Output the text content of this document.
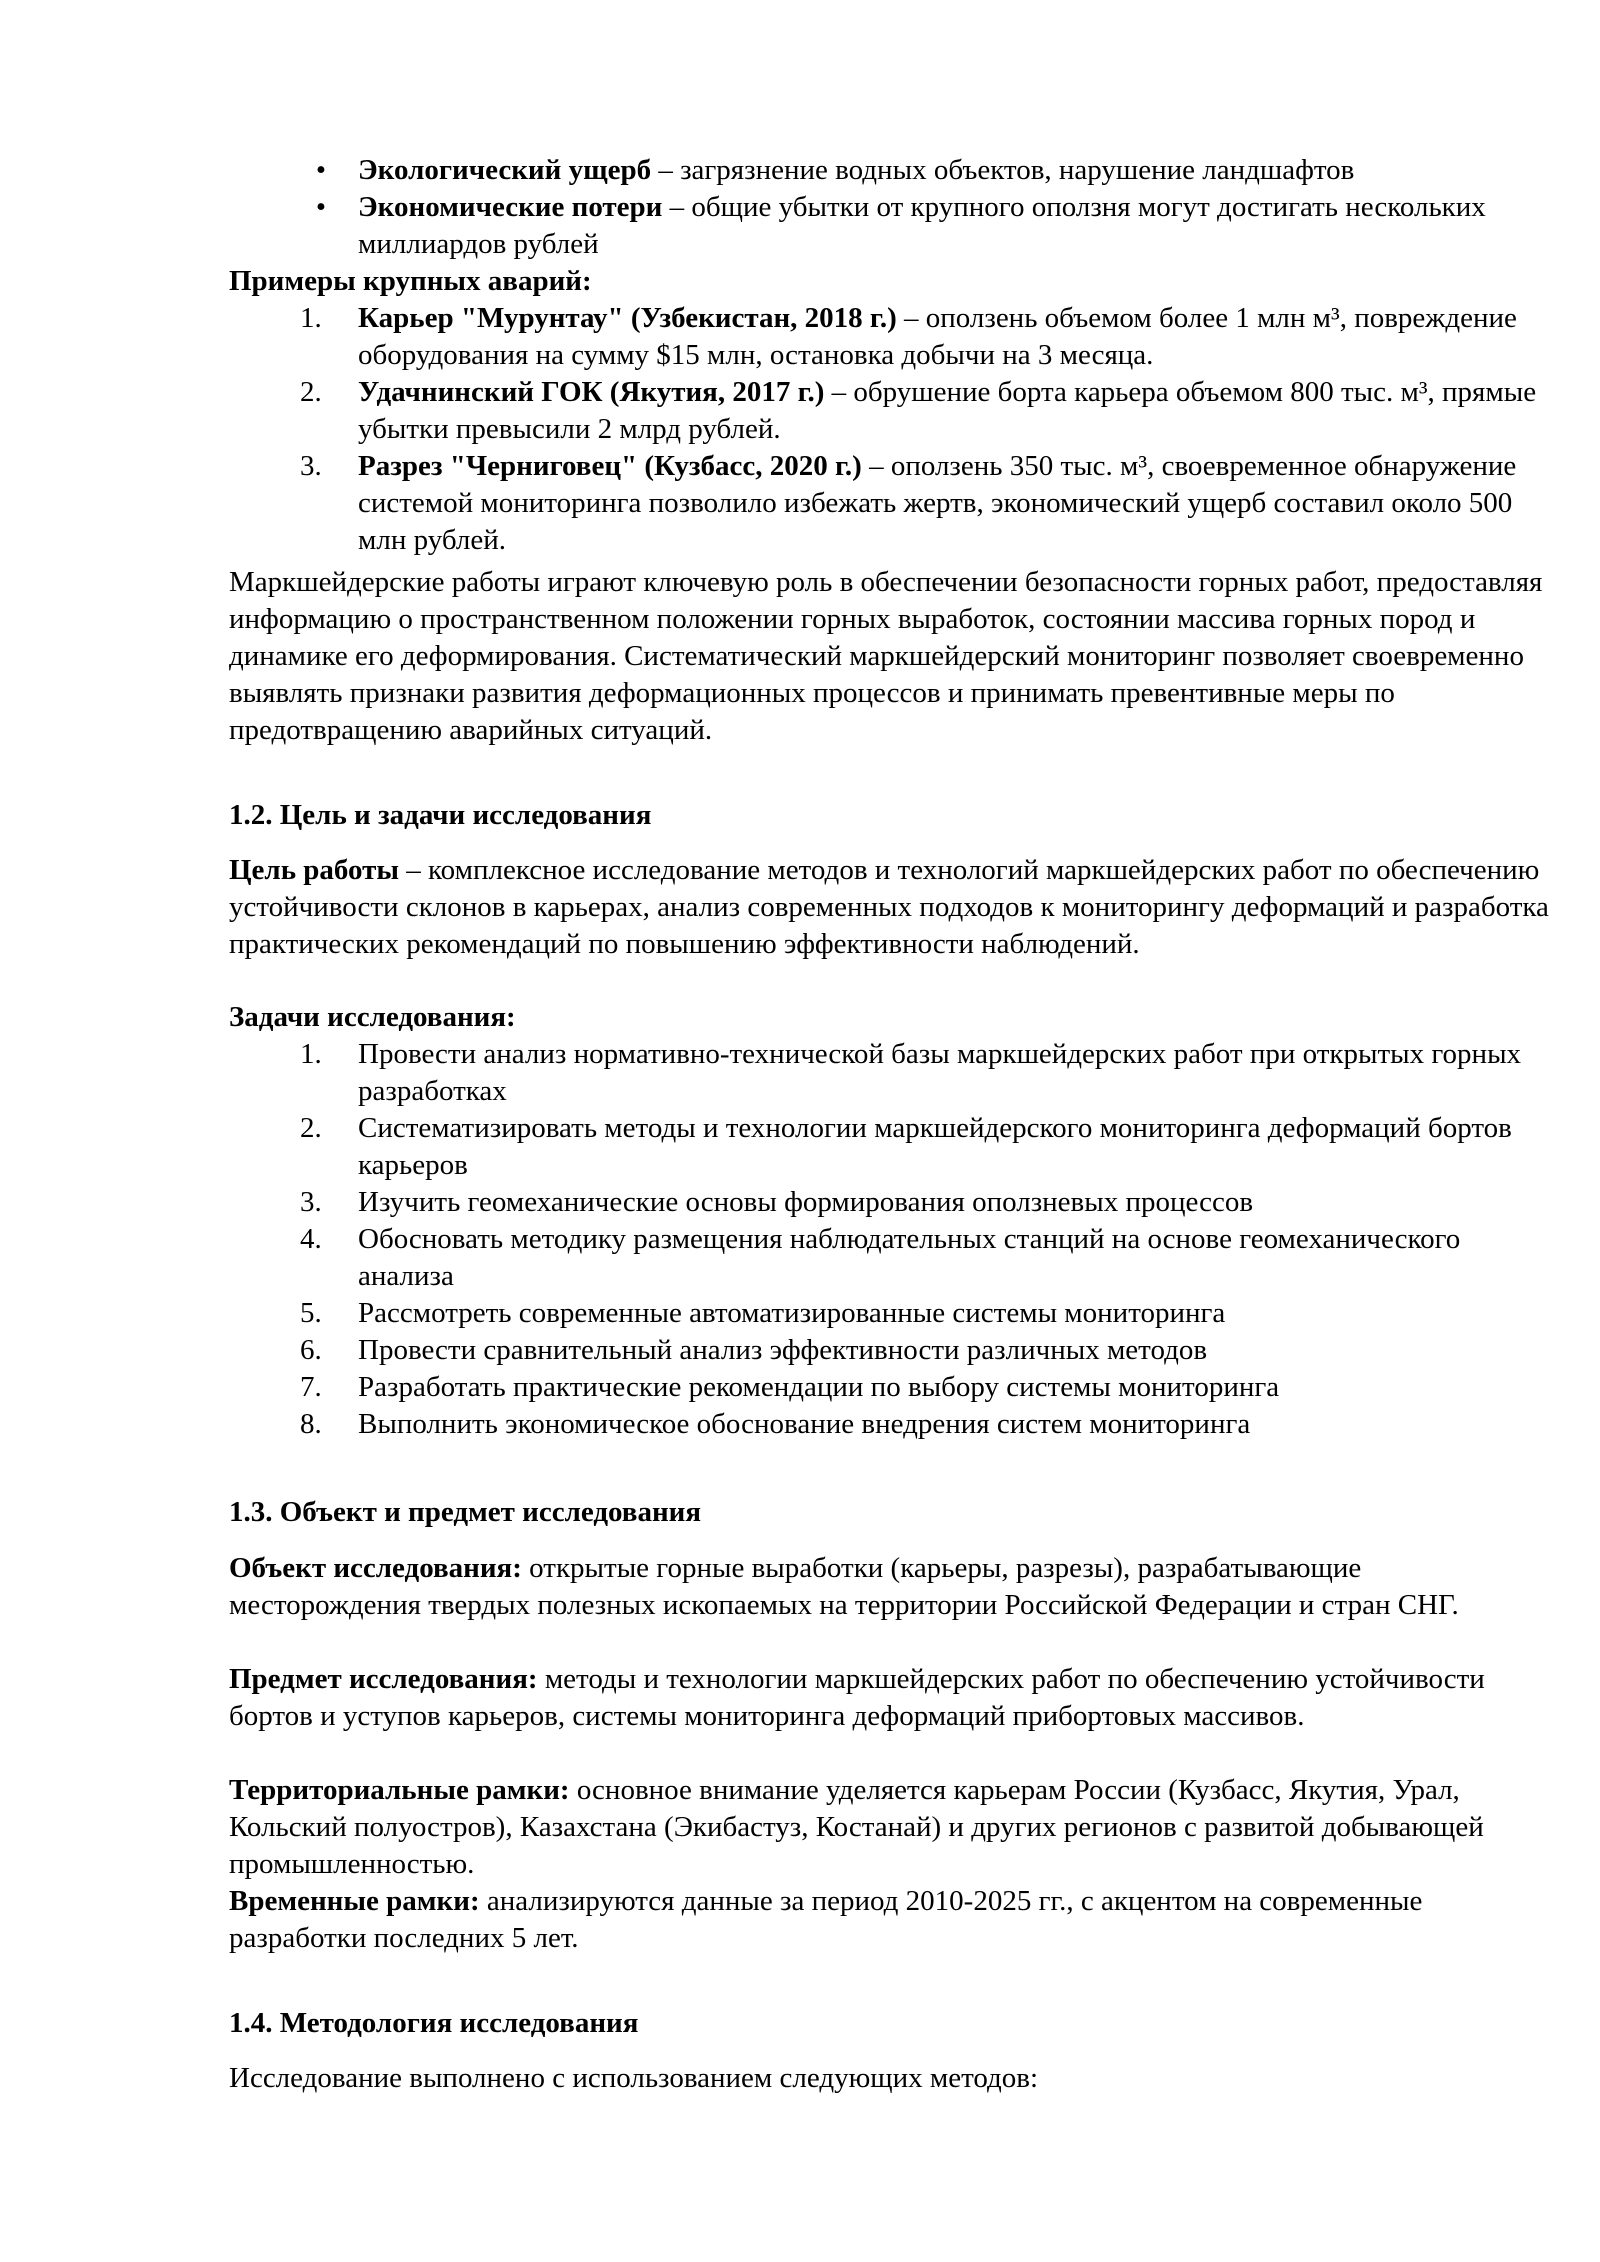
• Экологический ущерб – загрязнение водных объектов, нарушение ландшафтов
• Экономические потери – общие убытки от крупного оползня могут достигать нескольких миллиардов рублей

Примеры крупных аварий:

1.	Карьер "Мурунтау" (Узбекистан, 2018 г.) – оползень объемом более 1 млн м³, повреждение оборудования на сумму $15 млн, остановка добычи на 3 месяца.
2.	Удачнинский ГОК (Якутия, 2017 г.) – обрушение борта карьера объемом 800 тыс. м³, прямые убытки превысили 2 млрд рублей.
3.	Разрез "Черниговец" (Кузбасс, 2020 г.) – оползень 350 тыс. м³, своевременное обнаружение системой мониторинга позволило избежать жертв, экономический ущерб составил около 500 млн рублей.

Маркшейдерские работы играют ключевую роль в обеспечении безопасности горных работ, предоставляя информацию о пространственном положении горных выработок, состоянии массива горных пород и динамике его деформирования. Систематический маркшейдерский мониторинг позволяет своевременно выявлять признаки развития деформационных процессов и принимать превентивные меры по предотвращению аварийных ситуаций.

1.2. Цель и задачи исследования

Цель работы – комплексное исследование методов и технологий маркшейдерских работ по обеспечению устойчивости склонов в карьерах, анализ современных подходов к мониторингу деформаций и разработка практических рекомендаций по повышению эффективности наблюдений.

Задачи исследования:

1.	Провести анализ нормативно-технической базы маркшейдерских работ при открытых горных разработках
2.	Систематизировать методы и технологии маркшейдерского мониторинга деформаций бортов карьеров
3.	Изучить геомеханические основы формирования оползневых процессов
4.	Обосновать методику размещения наблюдательных станций на основе геомеханического анализа
5.	Рассмотреть современные автоматизированные системы мониторинга
6.	Провести сравнительный анализ эффективности различных методов
7.	Разработать практические рекомендации по выбору системы мониторинга
8.	Выполнить экономическое обоснование внедрения систем мониторинга

1.3. Объект и предмет исследования

Объект исследования: открытые горные выработки (карьеры, разрезы), разрабатывающие месторождения твердых полезных ископаемых на территории Российской Федерации и стран СНГ.

Предмет исследования: методы и технологии маркшейдерских работ по обеспечению устойчивости бортов и уступов карьеров, системы мониторинга деформаций прибортовых массивов.

Территориальные рамки: основное внимание уделяется карьерам России (Кузбасс, Якутия, Урал, Кольский полуостров), Казахстана (Экибастуз, Костанай) и других регионов с развитой добывающей промышленностью.

Временные рамки: анализируются данные за период 2010-2025 гг., с акцентом на современные разработки последних 5 лет.

1.4. Методология исследования

Исследование выполнено с использованием следующих методов:
